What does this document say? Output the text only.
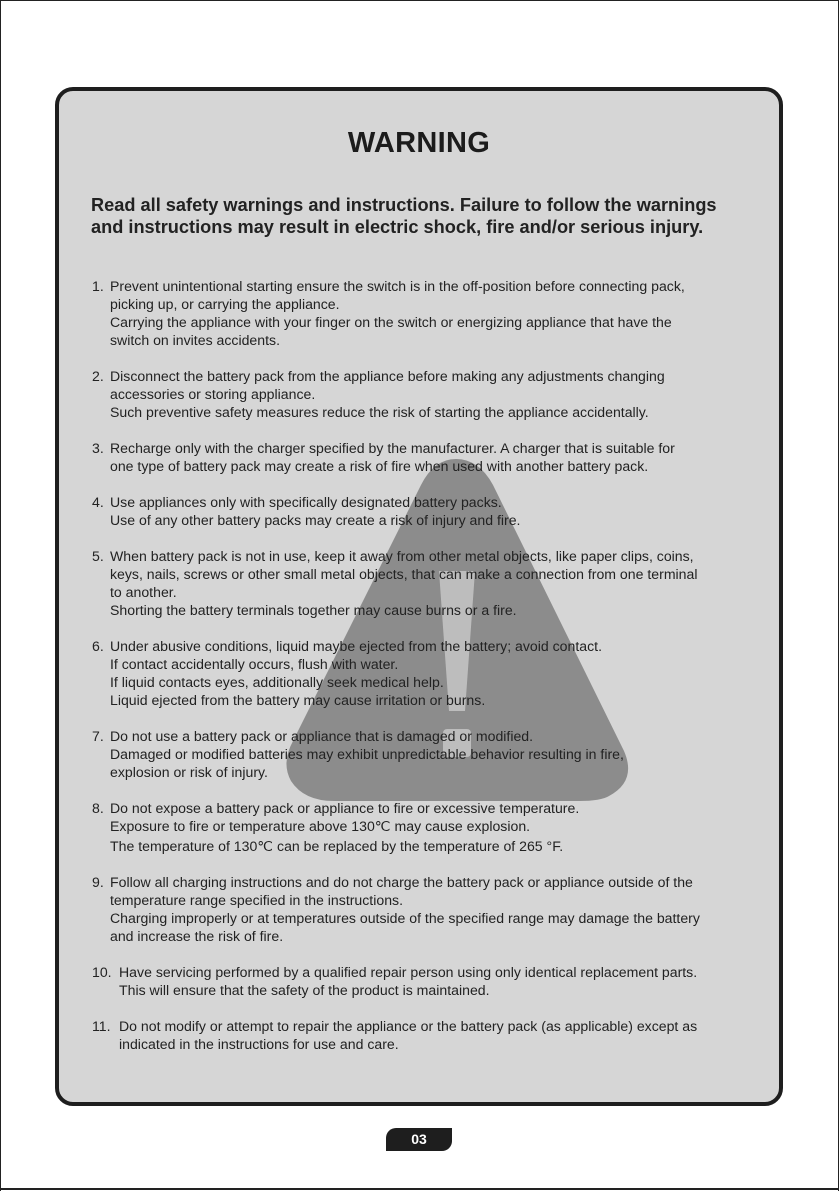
WARNING
Read all safety warnings and instructions. Failure to follow the warnings
and instructions may result in electric shock, fire and/or serious injury.
1. Prevent unintentional starting ensure the switch is in the off-position before connecting pack,
picking up, or carrying the appliance.
Carrying the appliance with your finger on the switch or energizing appliance that have the
switch on invites accidents.
2. Disconnect the battery pack from the appliance before making any adjustments changing
accessories or storing appliance.
Such preventive safety measures reduce the risk of starting the appliance accidentally.
3. Recharge only with the charger specified by the manufacturer. A charger that is suitable for
one type of battery pack may create a risk of fire when used with another battery pack.
4. Use appliances only with specifically designated battery packs.
Use of any other battery packs may create a risk of injury and fire.
5. When battery pack is not in use, keep it away from other metal objects, like paper clips, coins,
keys, nails, screws or other small metal objects, that can make a connection from one terminal
to another.
Shorting the battery terminals together may cause burns or a fire.
6. Under abusive conditions, liquid maybe ejected from the battery; avoid contact.
If contact accidentally occurs, flush with water.
If liquid contacts eyes, additionally seek medical help.
Liquid ejected from the battery may cause irritation or burns.
7. Do not use a battery pack or appliance that is damaged or modified.
Damaged or modified batteries may exhibit unpredictable behavior resulting in fire,
explosion or risk of injury.
8. Do not expose a battery pack or appliance to fire or excessive temperature.
Exposure to fire or temperature above 130℃ may cause explosion.
The temperature of 130℃ can be replaced by the temperature of 265 °F.
9. Follow all charging instructions and do not charge the battery pack or appliance outside of the
temperature range specified in the instructions.
Charging improperly or at temperatures outside of the specified range may damage the battery
and increase the risk of fire.
10. Have servicing performed by a qualified repair person using only identical replacement parts.
This will ensure that the safety of the product is maintained.
11. Do not modify or attempt to repair the appliance or the battery pack (as applicable) except as
indicated in the instructions for use and care.
03
